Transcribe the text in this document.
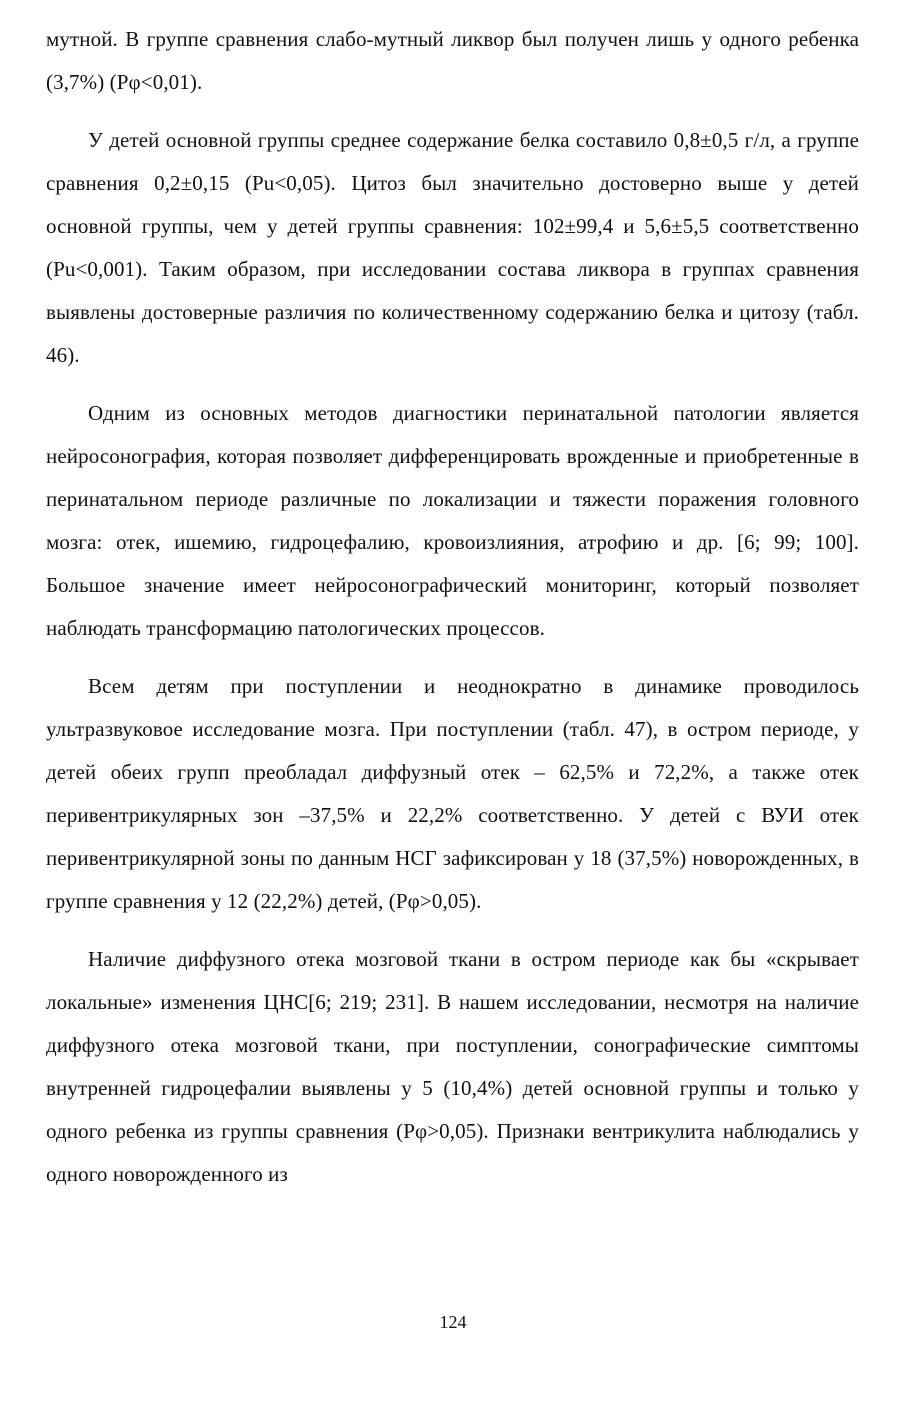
мутной. В группе сравнения слабо-мутный ликвор был получен лишь у одного ребенка (3,7%) (Рφ<0,01).

У детей основной группы среднее содержание белка составило 0,8±0,5 г/л, а группе сравнения 0,2±0,15 (Рu<0,05). Цитоз был значительно достоверно выше у детей основной группы, чем у детей группы сравнения: 102±99,4 и 5,6±5,5 соответственно (Рu<0,001). Таким образом, при исследовании состава ликвора в группах сравнения выявлены достоверные различия по количественному содержанию белка и цитозу (табл. 46).

Одним из основных методов диагностики перинатальной патологии является нейросонография, которая позволяет дифференцировать врожденные и приобретенные в перинатальном периоде различные по локализации и тяжести поражения головного мозга: отек, ишемию, гидроцефалию, кровоизлияния, атрофию и др. [6; 99; 100]. Большое значение имеет нейросонографический мониторинг, который позволяет наблюдать трансформацию патологических процессов.

Всем детям при поступлении и неоднократно в динамике проводилось ультразвуковое исследование мозга. При поступлении (табл. 47), в остром периоде, у детей обеих групп преобладал диффузный отек – 62,5% и 72,2%, а также отек перивентрикулярных зон –37,5% и 22,2% соответственно. У детей с ВУИ отек перивентрикулярной зоны по данным НСГ зафиксирован у 18 (37,5%) новорожденных, в группе сравнения у 12 (22,2%) детей, (Рφ>0,05).

Наличие диффузного отека мозговой ткани в остром периоде как бы «скрывает локальные» изменения ЦНС[6; 219; 231]. В нашем исследовании, несмотря на наличие диффузного отека мозговой ткани, при поступлении, сонографические симптомы внутренней гидроцефалии выявлены у 5 (10,4%) детей основной группы и только у одного ребенка из группы сравнения (Рφ>0,05). Признаки вентрикулита наблюдались у одного новорожденного из

124
